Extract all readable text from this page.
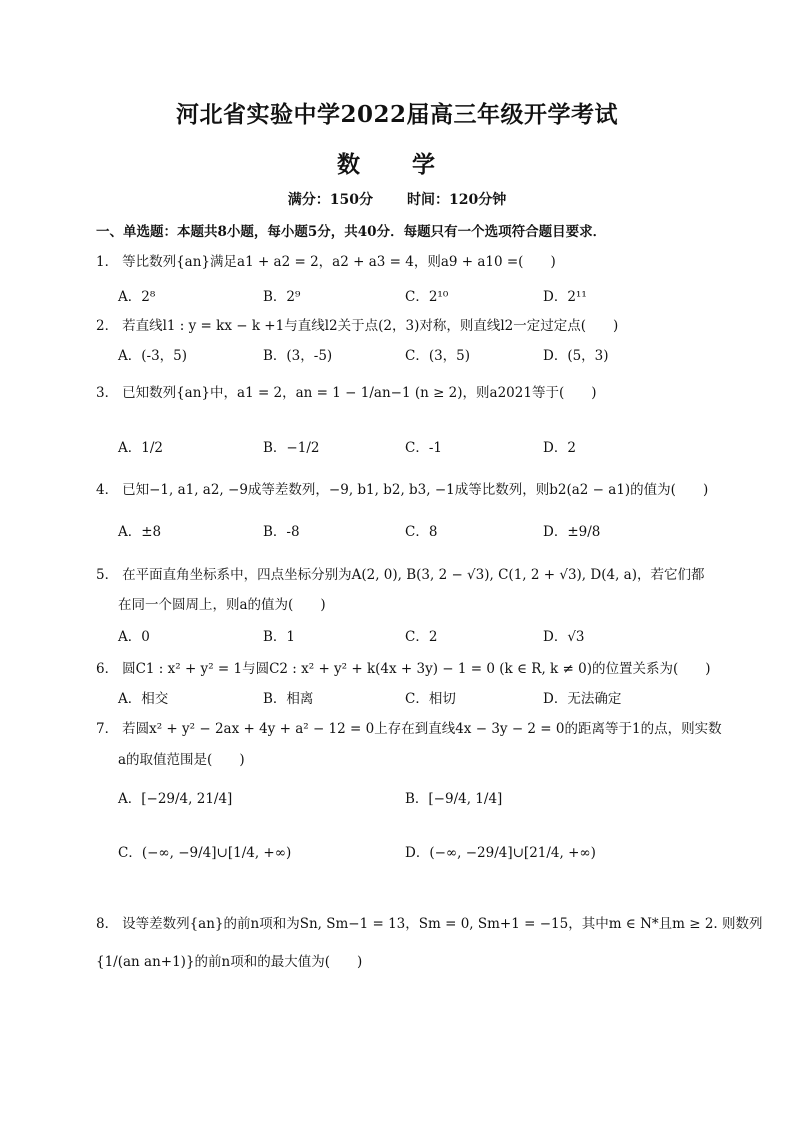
河北省实验中学2022届高三年级开学考试
数 学
满分：150分 时间：120分钟
一、单选题：本题共8小题，每小题5分，共40分．每题只有一个选项符合题目要求．
1． 等比数列{an}满足a1 + a2 = 2，a2 + a3 = 4，则a9 + a10 =(　　)
A．2⁸	B．2⁹	C．2¹⁰	D．2¹¹
2． 若直线l1 : y = kx − k +1与直线l2关于点(2，3)对称，则直线l2一定过定点(　　)
A．(-3，5)	B．(3，-5)	C．(3，5)	D．(5，3)
3． 已知数列{an}中，a1 = 2，an = 1 − 1/an−1 (n ≥ 2)，则a2021等于(　　)
A．1/2	B．−1/2	C．-1	D．2
4． 已知−1, a1, a2, −9成等差数列，−9, b1, b2, b3, −1成等比数列，则b2(a2 − a1)的值为(　　)
A．±8	B．-8	C．8	D．±9/8
5． 在平面直角坐标系中，四点坐标分别为A(2, 0), B(3, 2 − √3), C(1, 2 + √3), D(4, a)，若它们都
在同一个圆周上，则a的值为(　　)
A．0	B．1	C．2	D．√3
6． 圆C1 : x² + y² = 1与圆C2 : x² + y² + k(4x + 3y) − 1 = 0 (k ∈ R, k ≠ 0)的位置关系为(　　)
A．相交	B．相离	C．相切	D．无法确定
7． 若圆x² + y² − 2ax + 4y + a² − 12 = 0上存在到直线4x − 3y − 2 = 0的距离等于1的点，则实数
a的取值范围是(　　)
A．[−29/4, 21/4]	B．[−9/4, 1/4]
C．(−∞, −9/4]∪[1/4, +∞)	D．(−∞, −29/4]∪[21/4, +∞)
8． 设等差数列{an}的前n项和为Sn, Sm−1 = 13，Sm = 0, Sm+1 = −15，其中m ∈ N*且m ≥ 2. 则数列
{1/(an an+1)}的前n项和的最大值为(　　)
